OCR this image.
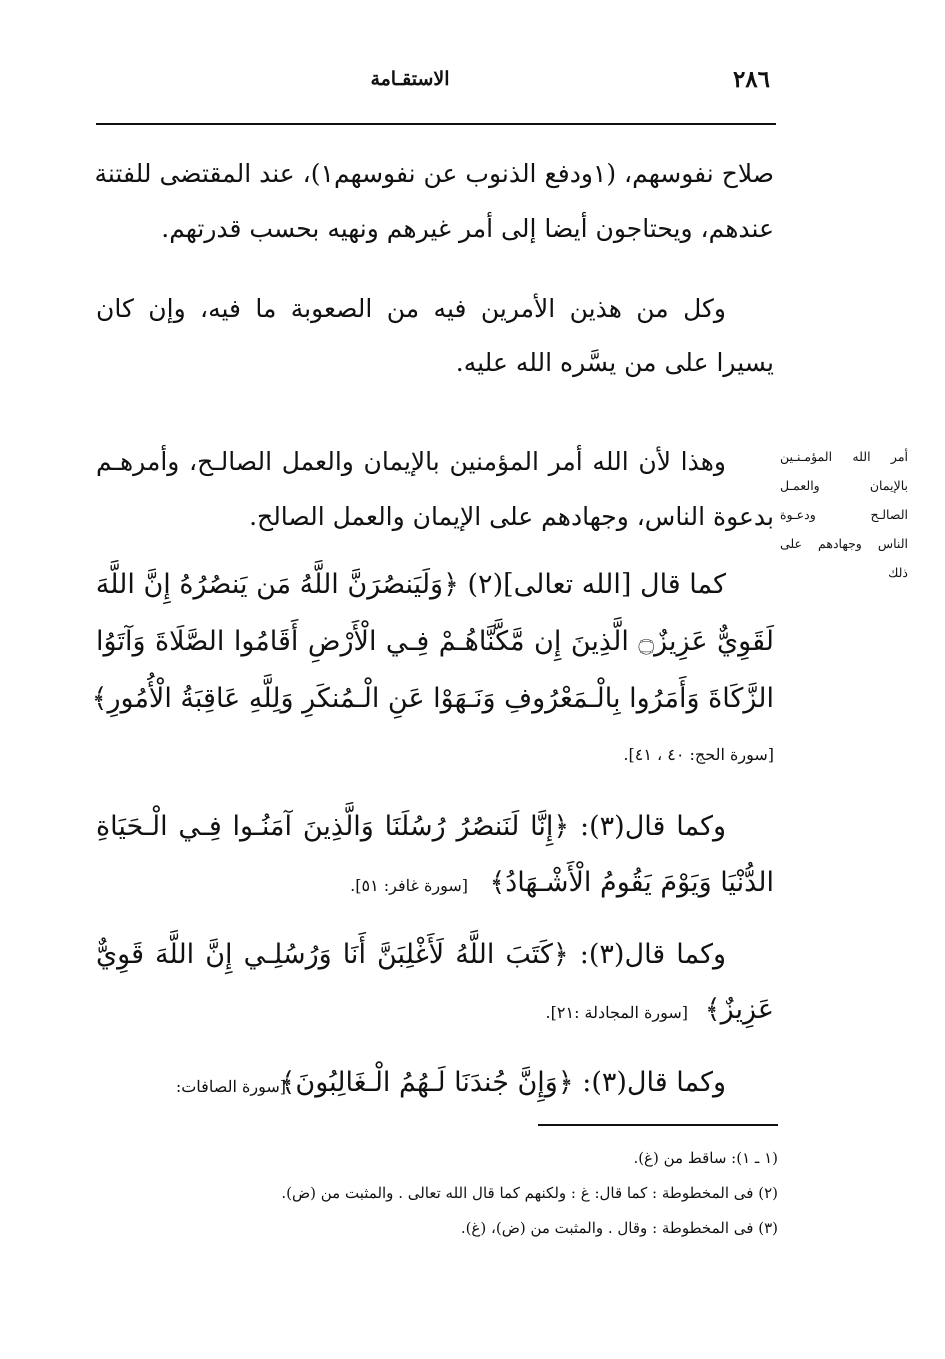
٢٨٦
الاستقـامة
صلاح نفوسهم، (١ودفع الذنوب عن نفوسهم١)، عند المقتضى للفتنة
عندهم، ويحتاجون أيضا إلى أمر غيرهم ونهيه بحسب قدرتهم.
وكل من هذين الأمرين فيه من الصعوبة ما فيه، وإن كان
يسيرا على من يسَّره الله عليه.
أمر الله المؤمـنـين
بالإيمان والعمـل
الصالـح ودعـوة
الناس وجهادهم على
ذلك
وهذا لأن الله أمر المؤمنين بالإيمان والعمل الصالـح، وأمرهـم
بدعوة الناس، وجهادهم على الإيمان والعمل الصالح.
كما قال [الله تعالى](٢) ﴿وَلَيَنصُرَنَّ اللَّهُ مَن يَنصُرُهُ إِنَّ اللَّهَ
لَقَوِيٌّ عَزِيزٌ۝ الَّذِينَ إِن مَّكَّنَّاهُـمْ فِـي الْأَرْضِ أَقَامُوا الصَّلَاةَ وَآتَوُا
الزَّكَاةَ وَأَمَرُوا بِالْـمَعْرُوفِ وَنَـهَوْا عَنِ الْـمُنكَرِ وَلِلَّهِ عَاقِبَةُ الْأُمُورِ﴾
[سورة الحج: ٤٠ ، ٤١].
وكما قال(٣): ﴿إِنَّا لَنَنصُرُ رُسُلَنَا وَالَّذِينَ آمَنُـوا فِـي الْـحَيَاةِ
الدُّنْيَا وَيَوْمَ يَقُومُ الْأَشْـهَادُ﴾
[سورة غافر: ٥١].
وكما قال(٣): ﴿كَتَبَ اللَّهُ لَأَغْلِبَنَّ أَنَا وَرُسُلِـي إِنَّ اللَّهَ قَوِيٌّ
عَزِيزٌ﴾
[سورة المجادلة :٢١].
وكما قال(٣): ﴿وَإِنَّ جُندَنَا لَـهُمُ الْـغَالِبُونَ﴾
[سورة الصافات:
(١ ـ ١): ساقط من (غ).
(٢) فى المخطوطة : كما قال: غ : ولكنهم كما قال الله تعالى . والمثبت من (ض).
(٣) فى المخطوطة : وقال . والمثبت من (ض)، (غ).
